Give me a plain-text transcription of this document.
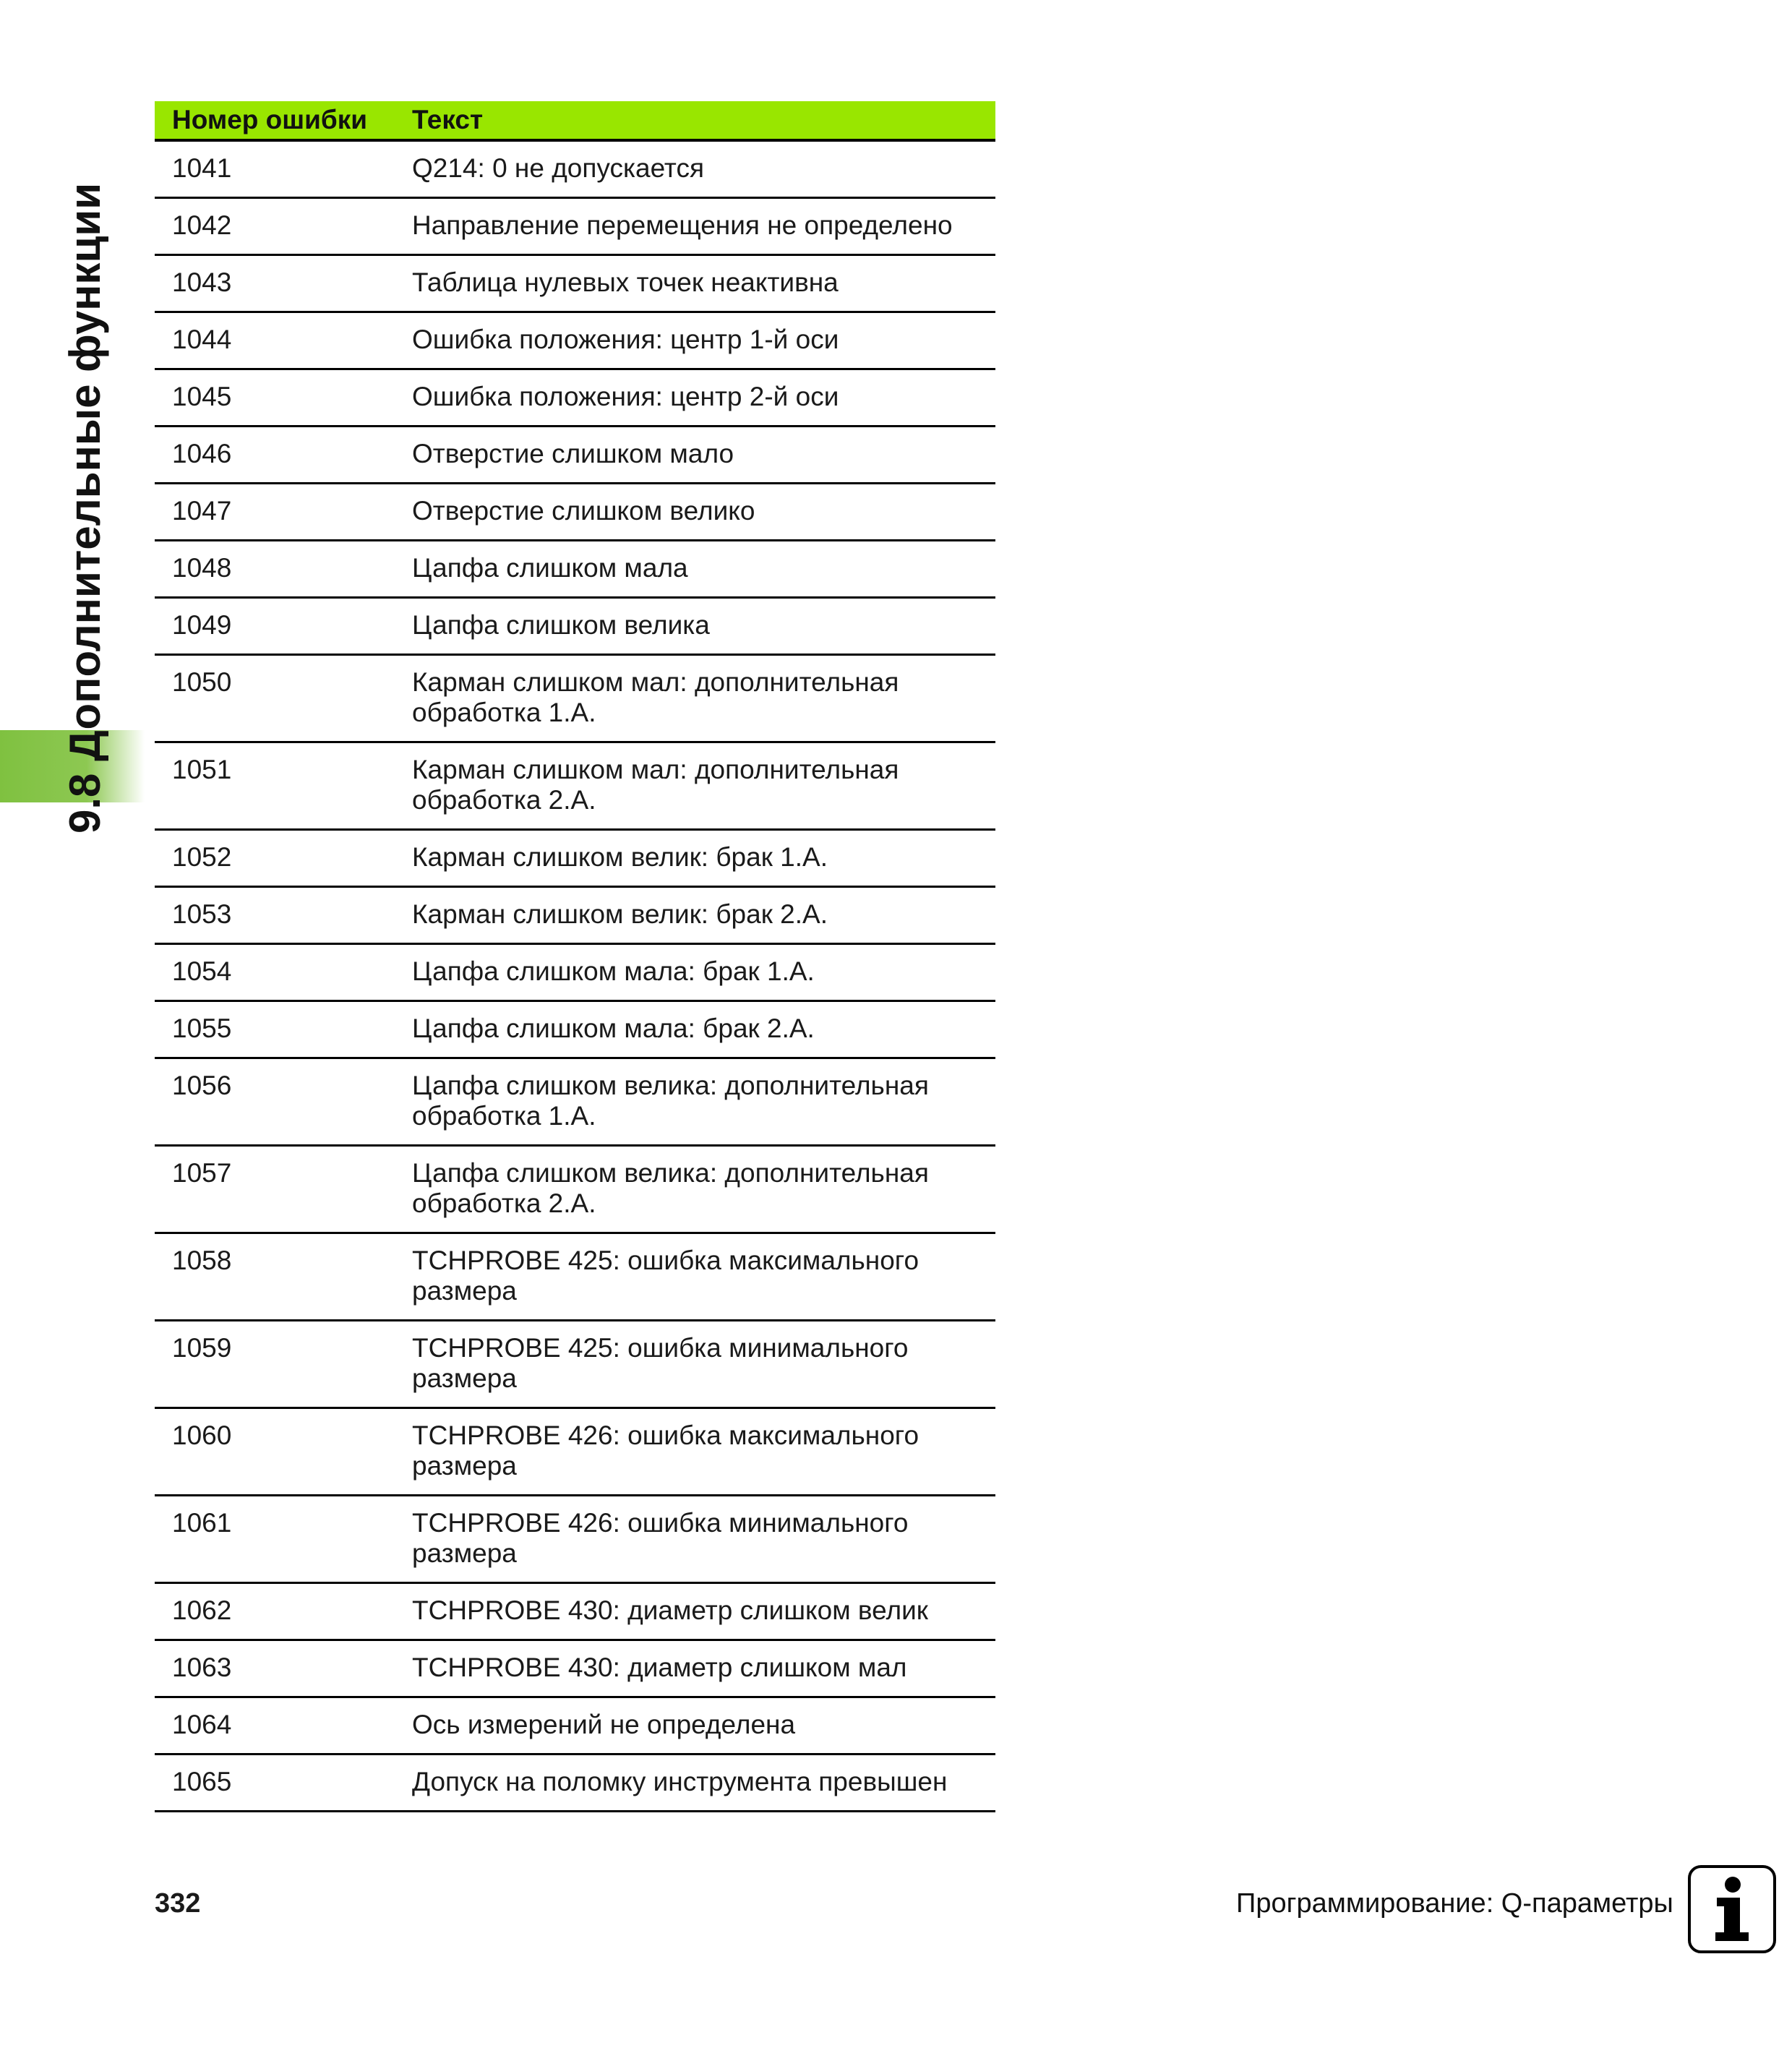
9.8 Дополнительные функции
Номер ошибки	Текст
1041	Q214: 0 не допускается
1042	Направление перемещения не определено
1043	Таблица нулевых точек неактивна
1044	Ошибка положения: центр 1-й оси
1045	Ошибка положения: центр 2-й оси
1046	Отверстие слишком мало
1047	Отверстие слишком велико
1048	Цапфа слишком мала
1049	Цапфа слишком велика
1050	Карман слишком мал: дополнительная
обработка 1.A.
1051	Карман слишком мал: дополнительная
обработка 2.A.
1052	Карман слишком велик: брак 1.A.
1053	Карман слишком велик: брак 2.A.
1054	Цапфа слишком мала: брак 1.A.
1055	Цапфа слишком мала: брак 2.A.
1056	Цапфа слишком велика: дополнительная
обработка 1.A.
1057	Цапфа слишком велика: дополнительная
обработка 2.A.
1058	TCHPROBE 425: ошибка максимального
размера
1059	TCHPROBE 425: ошибка минимального
размера
1060	TCHPROBE 426: ошибка максимального
размера
1061	TCHPROBE 426: ошибка минимального
размера
1062	TCHPROBE 430: диаметр слишком велик
1063	TCHPROBE 430: диаметр слишком мал
1064	Ось измерений не определена
1065	Допуск на поломку инструмента превышен
332	Программирование: Q-параметры
